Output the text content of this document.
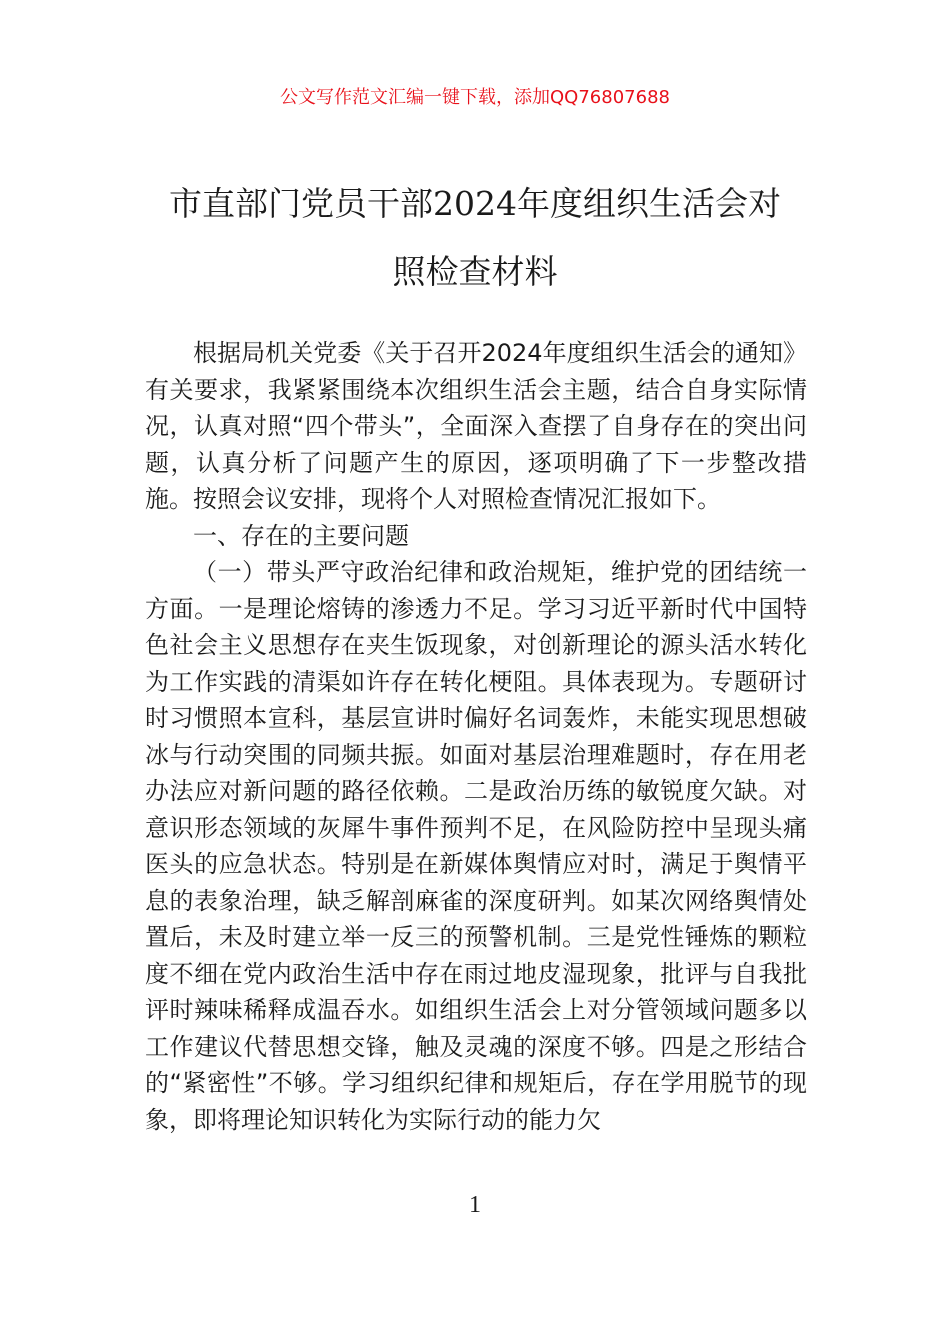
公文写作范文汇编一键下载，添加QQ76807688
市直部门党员干部2024年度组织生活会对
照检查材料

根据局机关党委《关于召开2024年度组织生活会的通知》有关要求，我紧紧围绕本次组织生活会主题，结合自身实际情况，认真对照“四个带头”，全面深入查摆了自身存在的突出问题，认真分析了问题产生的原因，逐项明确了下一步整改措施。按照会议安排，现将个人对照检查情况汇报如下。

一、存在的主要问题

（一）带头严守政治纪律和政治规矩，维护党的团结统一方面。一是理论熔铸的渗透力不足。学习习近平新时代中国特色社会主义思想存在夹生饭现象，对创新理论的源头活水转化为工作实践的清渠如许存在转化梗阻。具体表现为。专题研讨时习惯照本宣科，基层宣讲时偏好名词轰炸，未能实现思想破冰与行动突围的同频共振。如面对基层治理难题时，存在用老办法应对新问题的路径依赖。二是政治历练的敏锐度欠缺。对意识形态领域的灰犀牛事件预判不足，在风险防控中呈现头痛医头的应急状态。特别是在新媒体舆情应对时，满足于舆情平息的表象治理，缺乏解剖麻雀的深度研判。如某次网络舆情处置后，未及时建立举一反三的预警机制。三是党性锤炼的颗粒度不细在党内政治生活中存在雨过地皮湿现象，批评与自我批评时辣味稀释成温吞水。如组织生活会上对分管领域问题多以工作建议代替思想交锋，触及灵魂的深度不够。四是之形结合的“紧密性”不够。学习组织纪律和规矩后，存在学用脱节的现象，即将理论知识转化为实际行动的能力欠

1
